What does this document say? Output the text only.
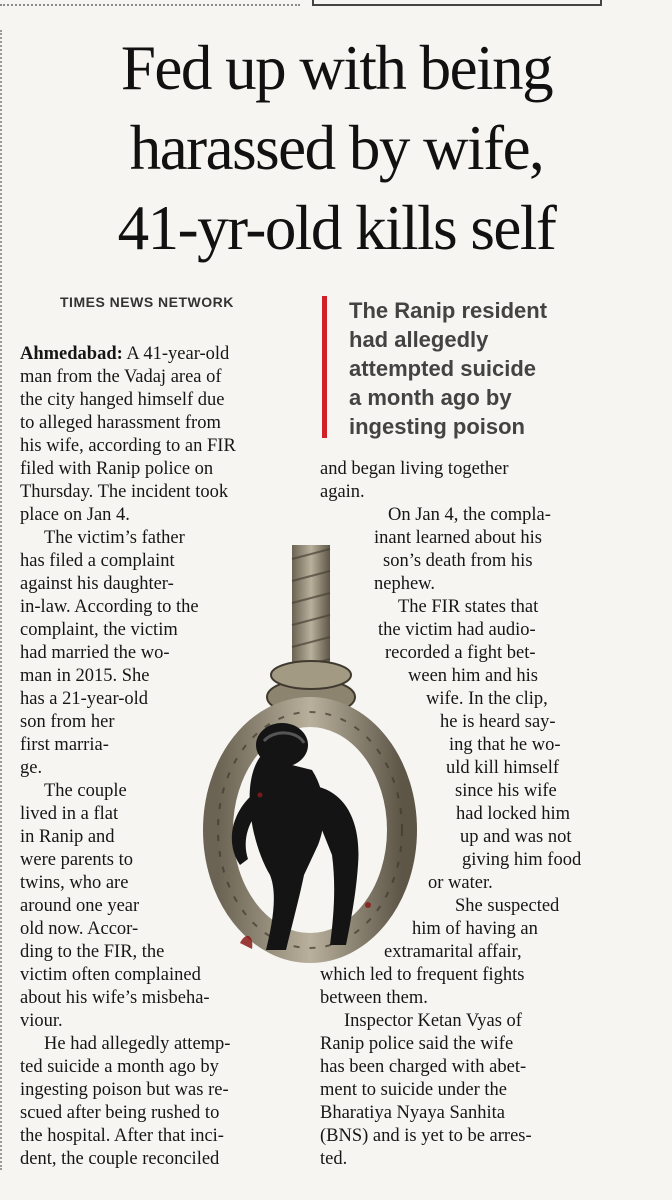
Fed up with being
harassed by wife,
41-yr-old kills self
TIMES NEWS NETWORK	The Ranip resident
had allegedly
attempted suicide
a month ago by
ingesting poison
Ahmedabad: A 41-year-old
man from the Vadaj area of
the city hanged himself due
to alleged harassment from
his wife, according to an FIR
filed with Ranip police on
Thursday. The incident took
place on Jan 4.
The victim’s father
has filed a complaint
against his daughter-
in-law. According to the
complaint, the victim
had married the wo-
man in 2015. She
has a 21-year-old
son from her
first marria-
ge.
The couple
lived in a flat
in Ranip and
were parents to
twins, who are
around one year
old now. Accor-
ding to the FIR, the
victim often complained
about his wife’s misbeha-
viour.
He had allegedly attemp-
ted suicide a month ago by
ingesting poison but was re-
scued after being rushed to
the hospital. After that inci-
dent, the couple reconciled
and began living together
again.
On Jan 4, the compla-
inant learned about his
son’s death from his
nephew.
The FIR states that
the victim had audio-
recorded a fight bet-
ween him and his
wife. In the clip,
he is heard say-
ing that he wo-
uld kill himself
since his wife
had locked him
up and was not
giving him food
or water.
She suspected
him of having an
extramarital affair,
which led to frequent fights
between them.
Inspector Ketan Vyas of
Ranip police said the wife
has been charged with abet-
ment to suicide under the
Bharatiya Nyaya Sanhita
(BNS) and is yet to be arres-
ted.
